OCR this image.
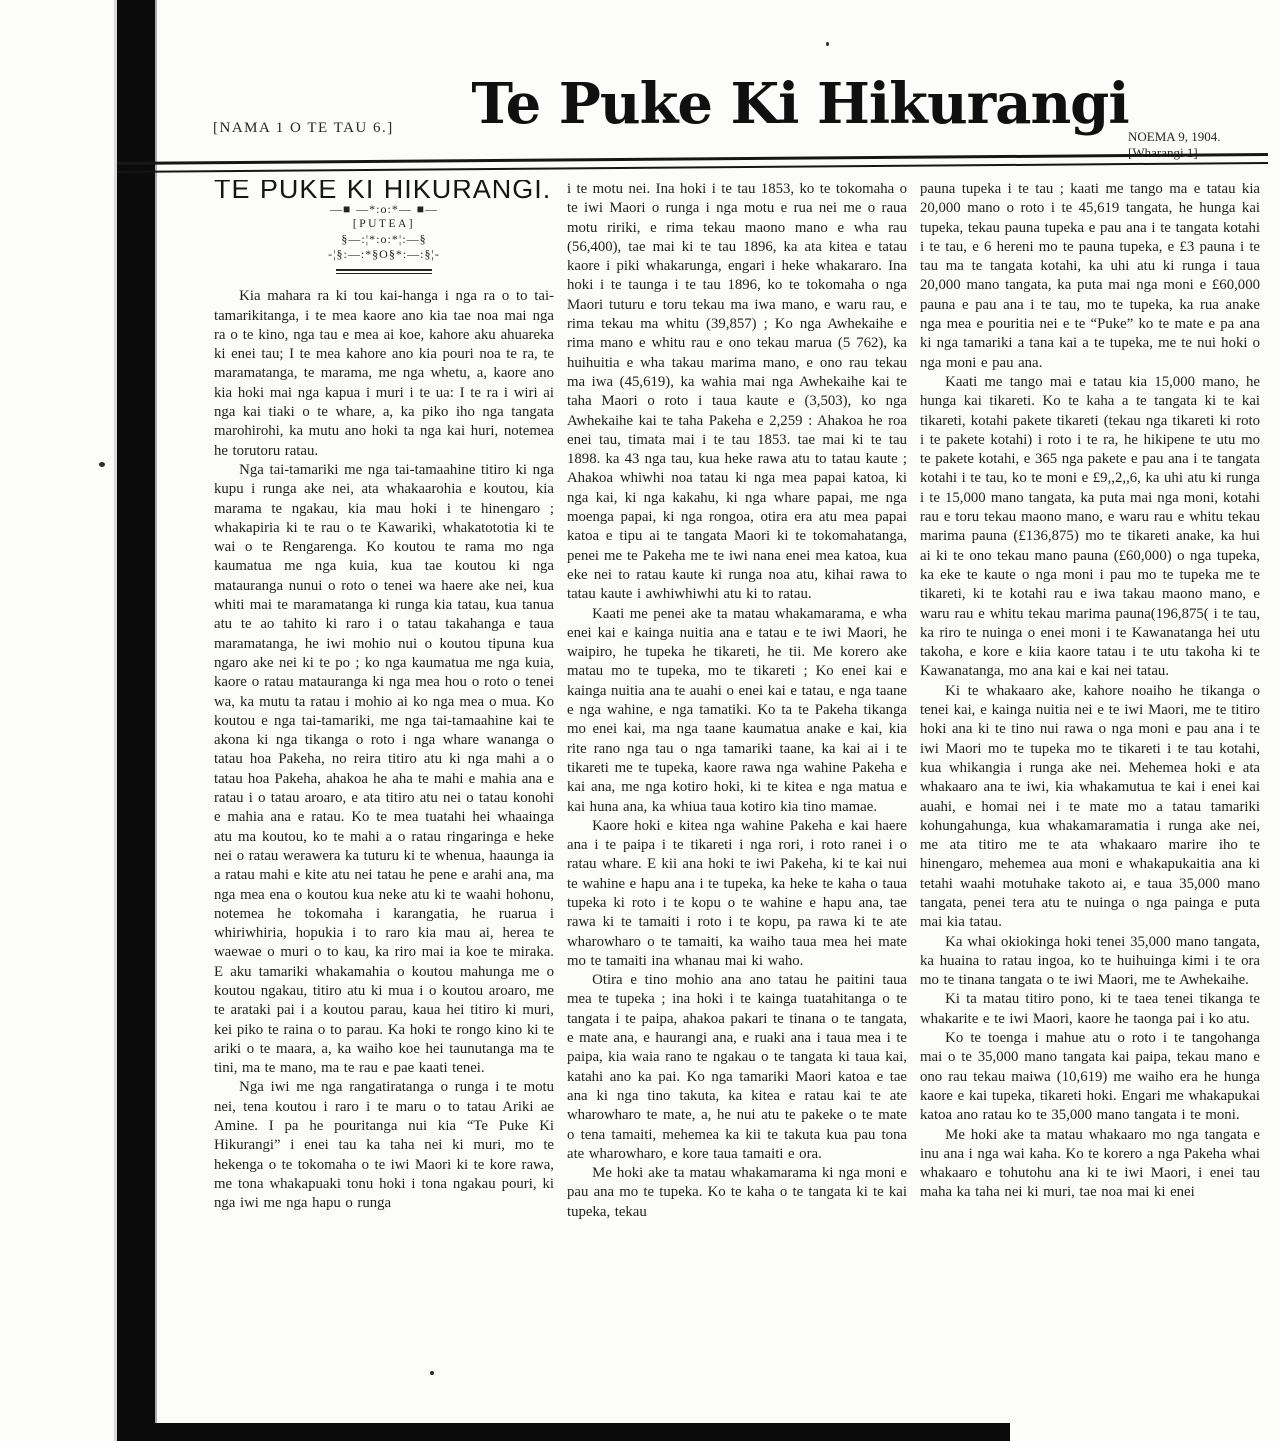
[NAMA 1 O TE TAU 6.]	Te Puke Ki Hikurangi NOEMA 9, 1904. [Wharangi 1]
TE PUKE KI HIKURANGI.
—■ —*:o:*— ■—
[PUTEA]
§—:¦*:o:*¦:—§
-¦§:—:*§O§*:—:§¦-

Kia mahara ra ki tou kai-hanga i nga ra o to tai-tamarikitanga, i te mea kaore ano kia tae noa mai nga ra o te kino, nga tau e mea ai koe, kahore aku ahuareka ki enei tau; I te mea kahore ano kia pouri noa te ra, te maramatanga, te marama, me nga whetu, a, kaore ano kia hoki mai nga kapua i muri i te ua: I te ra i wiri ai nga kai tiaki o te whare, a, ka piko iho nga tangata marohirohi, ka mutu ano hoki ta nga kai huri, notemea he torutoru ratau.

Nga tai-tamariki me nga tai-tamaahine titiro ki nga kupu i runga ake nei, ata whakaarohia e koutou, kia marama te ngakau, kia mau hoki i te hinengaro ; whakapiria ki te rau o te Kawariki, whakatototia ki te wai o te Rengarenga. Ko koutou te rama mo nga kaumatua me nga kuia, kua tae koutou ki nga matauranga nunui o roto o tenei wa haere ake nei, kua whiti mai te maramatanga ki runga kia tatau, kua tanua atu te ao tahito ki raro i o tatau takahanga e taua maramatanga, he iwi mohio nui o koutou tipuna kua ngaro ake nei ki te po ; ko nga kaumatua me nga kuia, kaore o ratau matauranga ki nga mea hou o roto o tenei wa, ka mutu ta ratau i mohio ai ko nga mea o mua. Ko koutou e nga tai-tamariki, me nga tai-tamaahine kai te akona ki nga tikanga o roto i nga whare wananga o tatau hoa Pakeha, no reira titiro atu ki nga mahi a o tatau hoa Pakeha, ahakoa he aha te mahi e mahia ana e ratau i o tatau aroaro, e ata titiro atu nei o tatau konohi e mahia ana e ratau. Ko te mea tuatahi hei whaainga atu ma koutou, ko te mahi a o ratau ringaringa e heke nei o ratau werawera ka tuturu ki te whenua, haaunga ia a ratau mahi e kite atu nei tatau he pene e arahi ana, ma nga mea ena o koutou kua neke atu ki te waahi hohonu, notemea he tokomaha i karangatia, he ruarua i whiriwhiria, hopukia i to raro kia mau ai, herea te waewae o muri o to kau, ka riro mai ia koe te miraka. E aku tamariki whakamahia o koutou mahunga me o koutou ngakau, titiro atu ki mua i o koutou aroaro, me te arataki pai i a koutou parau, kaua hei titiro ki muri, kei piko te raina o to parau. Ka hoki te rongo kino ki te ariki o te maara, a, ka waiho koe hei taunutanga ma te tini, ma te mano, ma te rau e pae kaati tenei.

Nga iwi me nga rangatiratanga o runga i te motu nei, tena koutou i raro i te maru o to tatau Ariki ae Amine. I pa he pouritanga nui kia “Te Puke Ki Hikurangi” i enei tau ka taha nei ki muri, mo te hekenga o te tokomaha o te iwi Maori ki te kore rawa, me tona whakapuaki tonu hoki i tona ngakau pouri, ki nga iwi me nga hapu o runga

i te motu nei. Ina hoki i te tau 1853, ko te tokomaha o te iwi Maori o runga i nga motu e rua nei me o raua motu ririki, e rima tekau maono mano e wha rau (56,400), tae mai ki te tau 1896, ka ata kitea e tatau kaore i piki whakarunga, engari i heke whakararo. Ina hoki i te taunga i te tau 1896, ko te tokomaha o nga Maori tuturu e toru tekau ma iwa mano, e waru rau, e rima tekau ma whitu (39,857) ; Ko nga Awhekaihe e rima mano e whitu rau e ono tekau marua (5 762), ka huihuitia e wha takau marima mano, e ono rau tekau ma iwa (45,619), ka wahia mai nga Awhekaihe kai te taha Maori o roto i taua kaute e (3,503), ko nga Awhekaihe kai te taha Pakeha e 2,259 : Ahakoa he roa enei tau, timata mai i te tau 1853. tae mai ki te tau 1898. ka 43 nga tau, kua heke rawa atu to tatau kaute ; Ahakoa whiwhi noa tatau ki nga mea papai katoa, ki nga kai, ki nga kakahu, ki nga whare papai, me nga moenga papai, ki nga rongoa, otira era atu mea papai katoa e tipu ai te tangata Maori ki te tokomahatanga, penei me te Pakeha me te iwi nana enei mea katoa, kua eke nei to ratau kaute ki runga noa atu, kihai rawa to tatau kaute i awhiwhiwhi atu ki to ratau.

Kaati me penei ake ta matau whakamarama, e wha enei kai e kainga nuitia ana e tatau e te iwi Maori, he waipiro, he tupeka he tikareti, he tii. Me korero ake matau mo te tupeka, mo te tikareti ; Ko enei kai e kainga nuitia ana te auahi o enei kai e tatau, e nga taane e nga wahine, e nga tamatiki. Ko ta te Pakeha tikanga mo enei kai, ma nga taane kaumatua anake e kai, kia rite rano nga tau o nga tamariki taane, ka kai ai i te tikareti me te tupeka, kaore rawa nga wahine Pakeha e kai ana, me nga kotiro hoki, ki te kitea e nga matua e kai huna ana, ka whiua taua kotiro kia tino mamae.

Kaore hoki e kitea nga wahine Pakeha e kai haere ana i te paipa i te tikareti i nga rori, i roto ranei i o ratau whare. E kii ana hoki te iwi Pakeha, ki te kai nui te wahine e hapu ana i te tupeka, ka heke te kaha o taua tupeka ki roto i te kopu o te wahine e hapu ana, tae rawa ki te tamaiti i roto i te kopu, pa rawa ki te ate wharowharo o te tamaiti, ka waiho taua mea hei mate mo te tamaiti ina whanau mai ki waho.

Otira e tino mohio ana ano tatau he paitini taua mea te tupeka ; ina hoki i te kainga tuatahitanga o te tangata i te paipa, ahakoa pakari te tinana o te tangata, e mate ana, e haurangi ana, e ruaki ana i taua mea i te paipa, kia waia rano te ngakau o te tangata ki taua kai, katahi ano ka pai. Ko nga tamariki Maori katoa e tae ana ki nga tino takuta, ka kitea e ratau kai te ate wharowharo te mate, a, he nui atu te pakeke o te mate o tena tamaiti, mehemea ka kii te takuta kua pau tona ate wharowharo, e kore taua tamaiti e ora.

Me hoki ake ta matau whakamarama ki nga moni e pau ana mo te tupeka. Ko te kaha o te tangata ki te kai tupeka, tekau

pauna tupeka i te tau ; kaati me tango ma e tatau kia 20,000 mano o roto i te 45,619 tangata, he hunga kai tupeka, tekau pauna tupeka e pau ana i te tangata kotahi i te tau, e 6 hereni mo te pauna tupeka, e £3 pauna i te tau ma te tangata kotahi, ka uhi atu ki runga i taua 20,000 mano tangata, ka puta mai nga moni e £60,000 pauna e pau ana i te tau, mo te tupeka, ka rua anake nga mea e pouritia nei e te “Puke” ko te mate e pa ana ki nga tamariki a tana kai a te tupeka, me te nui hoki o nga moni e pau ana.

Kaati me tango mai e tatau kia 15,000 mano, he hunga kai tikareti. Ko te kaha a te tangata ki te kai tikareti, kotahi pakete tikareti (tekau nga tikareti ki roto i te pakete kotahi) i roto i te ra, he hikipene te utu mo te pakete kotahi, e 365 nga pakete e pau ana i te tangata kotahi i te tau, ko te moni e £9,,2,,6, ka uhi atu ki runga i te 15,000 mano tangata, ka puta mai nga moni, kotahi rau e toru tekau maono mano, e waru rau e whitu tekau marima pauna (£136,875) mo te tikareti anake, ka hui ai ki te ono tekau mano pauna (£60,000) o nga tupeka, ka eke te kaute o nga moni i pau mo te tupeka me te tikareti, ki te kotahi rau e iwa takau maono mano, e waru rau e whitu tekau marima pauna(196,875( i te tau, ka riro te nuinga o enei moni i te Kawanatanga hei utu takoha, e kore e kiia kaore tatau i te utu takoha ki te Kawanatanga, mo ana kai e kai nei tatau.

Ki te whakaaro ake, kahore noaiho he tikanga o tenei kai, e kainga nuitia nei e te iwi Maori, me te titiro hoki ana ki te tino nui rawa o nga moni e pau ana i te iwi Maori mo te tupeka mo te tikareti i te tau kotahi, kua whikangia i runga ake nei. Mehemea hoki e ata whakaaro ana te iwi, kia whakamutua te kai i enei kai auahi, e homai nei i te mate mo a tatau tamariki kohungahunga, kua whakamaramatia i runga ake nei, me ata titiro me te ata whakaaro marire iho te hinengaro, mehemea aua moni e whakapukaitia ana ki tetahi waahi motuhake takoto ai, e taua 35,000 mano tangata, penei tera atu te nuinga o nga painga e puta mai kia tatau.

Ka whai okiokinga hoki tenei 35,000 mano tangata, ka huaina to ratau ingoa, ko te huihuinga kimi i te ora mo te tinana tangata o te iwi Maori, me te Awhekaihe.

Ki ta matau titiro pono, ki te taea tenei tikanga te whakarite e te iwi Maori, kaore he taonga pai i ko atu.

Ko te toenga i mahue atu o roto i te tangohanga mai o te 35,000 mano tangata kai paipa, tekau mano e ono rau tekau maiwa (10,619) me waiho era he hunga kaore e kai tupeka, tikareti hoki. Engari me whakapukai katoa ano ratau ko te 35,000 mano tangata i te moni.

Me hoki ake ta matau whakaaro mo nga tangata e inu ana i nga wai kaha. Ko te korero a nga Pakeha whai whakaaro e tohutohu ana ki te iwi Maori, i enei tau maha ka taha nei ki muri, tae noa mai ki enei
